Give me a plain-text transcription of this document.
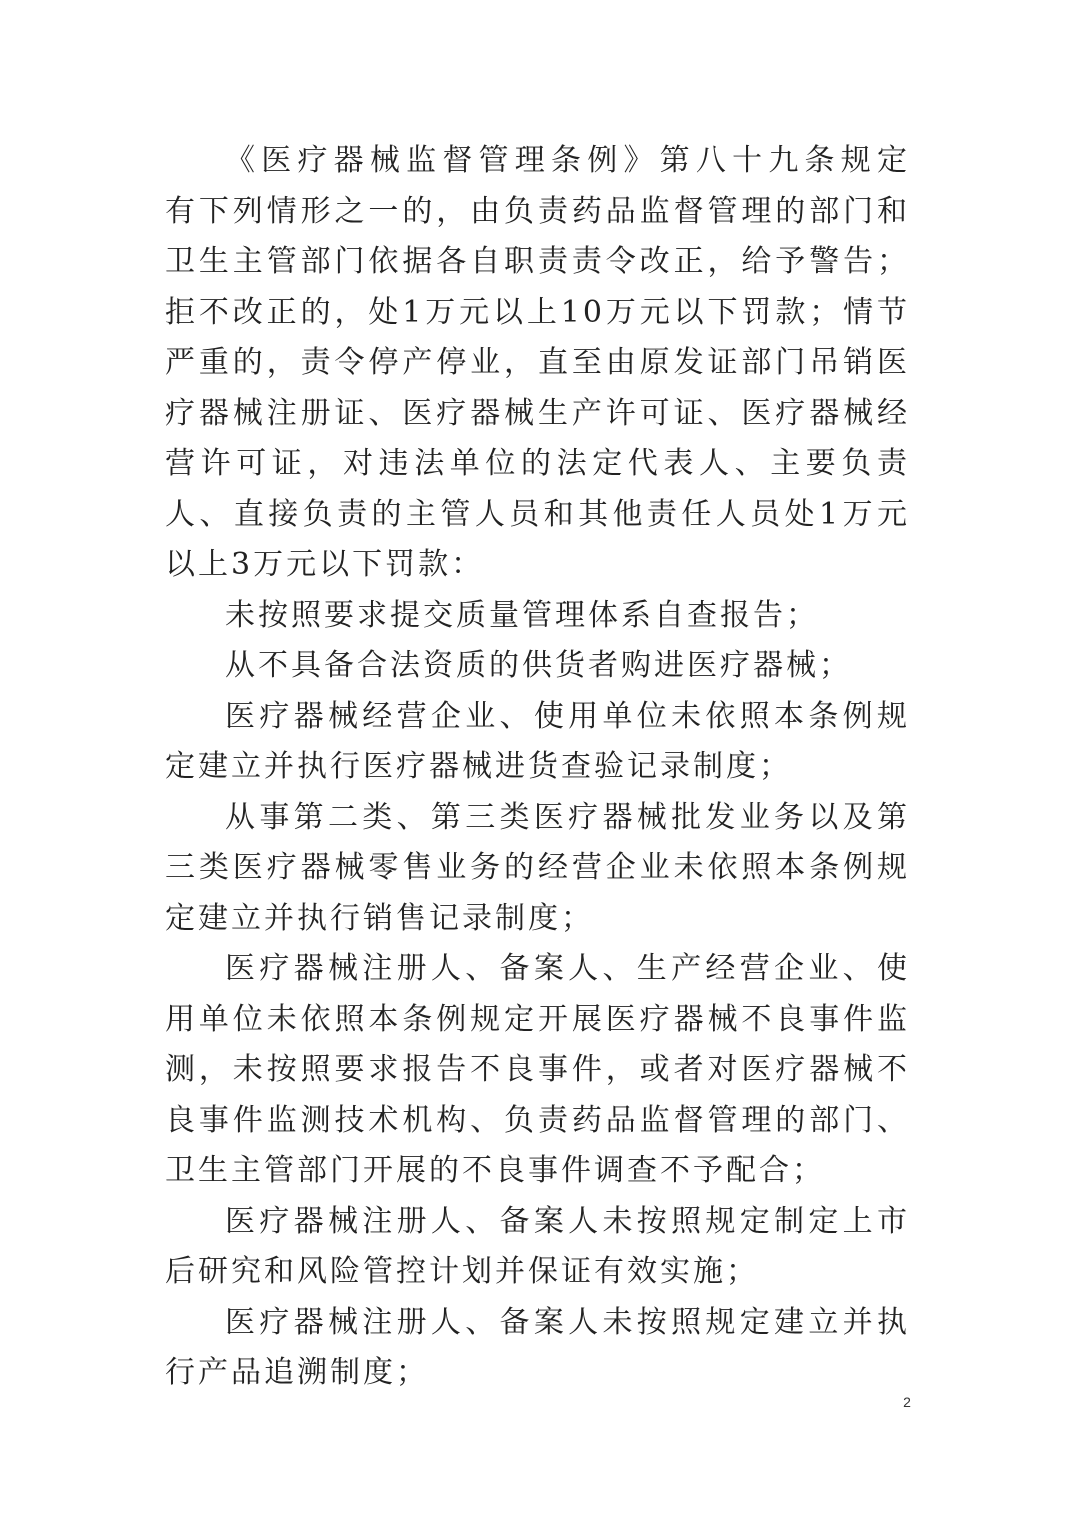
《医疗器械监督管理条例》第八十九条规定　有下列情形之一的，由负责药品监督管理的部门和卫生主管部门依据各自职责责令改正，给予警告；拒不改正的，处1万元以上10万元以下罚款；情节严重的，责令停产停业，直至由原发证部门吊销医疗器械注册证、医疗器械生产许可证、医疗器械经营许可证，对违法单位的法定代表人、主要负责人、直接负责的主管人员和其他责任人员处1万元以上3万元以下罚款：

未按照要求提交质量管理体系自查报告；

从不具备合法资质的供货者购进医疗器械；

医疗器械经营企业、使用单位未依照本条例规定建立并执行医疗器械进货查验记录制度；

从事第二类、第三类医疗器械批发业务以及第三类医疗器械零售业务的经营企业未依照本条例规定建立并执行销售记录制度；

医疗器械注册人、备案人、生产经营企业、使用单位未依照本条例规定开展医疗器械不良事件监测，未按照要求报告不良事件，或者对医疗器械不良事件监测技术机构、负责药品监督管理的部门、卫生主管部门开展的不良事件调查不予配合；

医疗器械注册人、备案人未按照规定制定上市后研究和风险管控计划并保证有效实施；

医疗器械注册人、备案人未按照规定建立并执行产品追溯制度；

2
